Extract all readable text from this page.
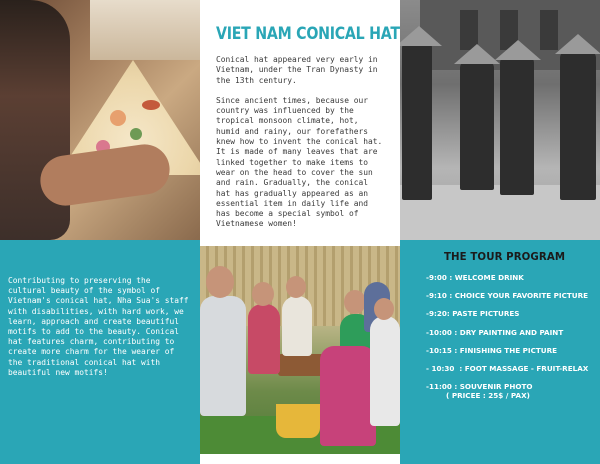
VIET NAM CONICAL HAT

Conical hat appeared very early in Vietnam, under the Tran Dynasty in the 13th century.

Since ancient times, because our country was influenced by the tropical monsoon climate, hot, humid and rainy, our forefathers knew how to invent the conical hat. It is made of many leaves that are linked together to make items to wear on the head to cover the sun and rain. Gradually, the conical hat has gradually appeared as an essential item in daily life and has become a special symbol of Vietnamese women!

Contributing to preserving the cultural beauty of the symbol of Vietnam's conical hat, Nha Sua's staff with disabilities, with hard work, we learn, approach and create beautiful motifs to add to the beauty. Conical hat features charm, contributing to create more charm for the wearer of the traditional conical hat with beautiful new motifs!

THE TOUR PROGRAM

-9:00 : WELCOME DRINK

-9:10 : CHOICE YOUR FAVORITE PICTURE

-9:20: PASTE PICTURES

-10:00 : DRY PAINTING AND PAINT

-10:15 : FINISHING THE PICTURE

- 10:30  : FOOT MASSAGE - FRUIT-RELAX

-11:00 : SOUVENIR PHOTO
( PRICEE : 25$ / PAX)
